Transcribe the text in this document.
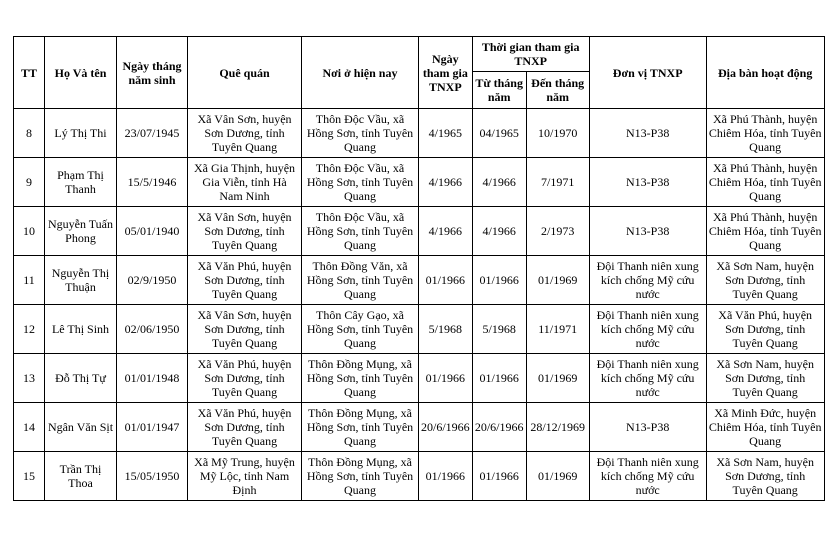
TT	Họ Và tên	Ngày tháng năm sinh	Quê quán	Nơi ở hiện nay	Ngày tham gia TNXP	Thời gian tham gia TNXP		Đơn vị TNXP	Địa bàn hoạt động
						Từ tháng năm	Đến tháng năm		
8	Lý Thị Thi	23/07/1945	Xã Vân Sơn, huyện Sơn Dương, tỉnh Tuyên Quang	Thôn Độc Vầu, xã Hồng Sơn, tỉnh Tuyên Quang	4/1965	04/1965	10/1970	N13-P38	Xã Phú Thành, huyện Chiêm Hóa, tỉnh Tuyên Quang
9	Phạm Thị Thanh	15/5/1946	Xã Gia Thịnh, huyện Gia Viễn, tỉnh Hà Nam Ninh	Thôn Độc Vầu, xã Hồng Sơn, tỉnh Tuyên Quang	4/1966	4/1966	7/1971	N13-P38	Xã Phú Thành, huyện Chiêm Hóa, tỉnh Tuyên Quang
10	Nguyễn Tuấn Phong	05/01/1940	Xã Vân Sơn, huyện Sơn Dương, tỉnh Tuyên Quang	Thôn Độc Vầu, xã Hồng Sơn, tỉnh Tuyên Quang	4/1966	4/1966	2/1973	N13-P38	Xã Phú Thành, huyện Chiêm Hóa, tỉnh Tuyên Quang
11	Nguyễn Thị Thuận	02/9/1950	Xã Văn Phú, huyện Sơn Dương, tỉnh Tuyên Quang	Thôn Đồng Văn, xã Hồng Sơn, tỉnh Tuyên Quang	01/1966	01/1966	01/1969	Đội Thanh niên xung kích chống Mỹ cứu nước	Xã Sơn Nam, huyện Sơn Dương, tỉnh Tuyên Quang
12	Lê Thị Sinh	02/06/1950	Xã Vân Sơn, huyện Sơn Dương, tỉnh Tuyên Quang	Thôn Cây Gạo, xã Hồng Sơn, tỉnh Tuyên Quang	5/1968	5/1968	11/1971	Đội Thanh niên xung kích chống Mỹ cứu nước	Xã Văn Phú, huyện Sơn Dương, tỉnh Tuyên Quang
13	Đỗ Thị Tự	01/01/1948	Xã Văn Phú, huyện Sơn Dương, tỉnh Tuyên Quang	Thôn Đồng Mụng, xã Hồng Sơn, tỉnh Tuyên Quang	01/1966	01/1966	01/1969	Đội Thanh niên xung kích chống Mỹ cứu nước	Xã Sơn Nam, huyện Sơn Dương, tỉnh Tuyên Quang
14	Ngân Văn Sịt	01/01/1947	Xã Văn Phú, huyện Sơn Dương, tỉnh Tuyên Quang	Thôn Đồng Mụng, xã Hồng Sơn, tỉnh Tuyên Quang	20/6/1966	20/6/1966	28/12/1969	N13-P38	Xã Minh Đức, huyện Chiêm Hóa, tỉnh Tuyên Quang
15	Trần Thị Thoa	15/05/1950	Xã Mỹ Trung, huyện Mỹ Lộc, tỉnh Nam Định	Thôn Đồng Mụng, xã Hồng Sơn, tỉnh Tuyên Quang	01/1966	01/1966	01/1969	Đội Thanh niên xung kích chống Mỹ cứu nước	Xã Sơn Nam, huyện Sơn Dương, tỉnh Tuyên Quang
